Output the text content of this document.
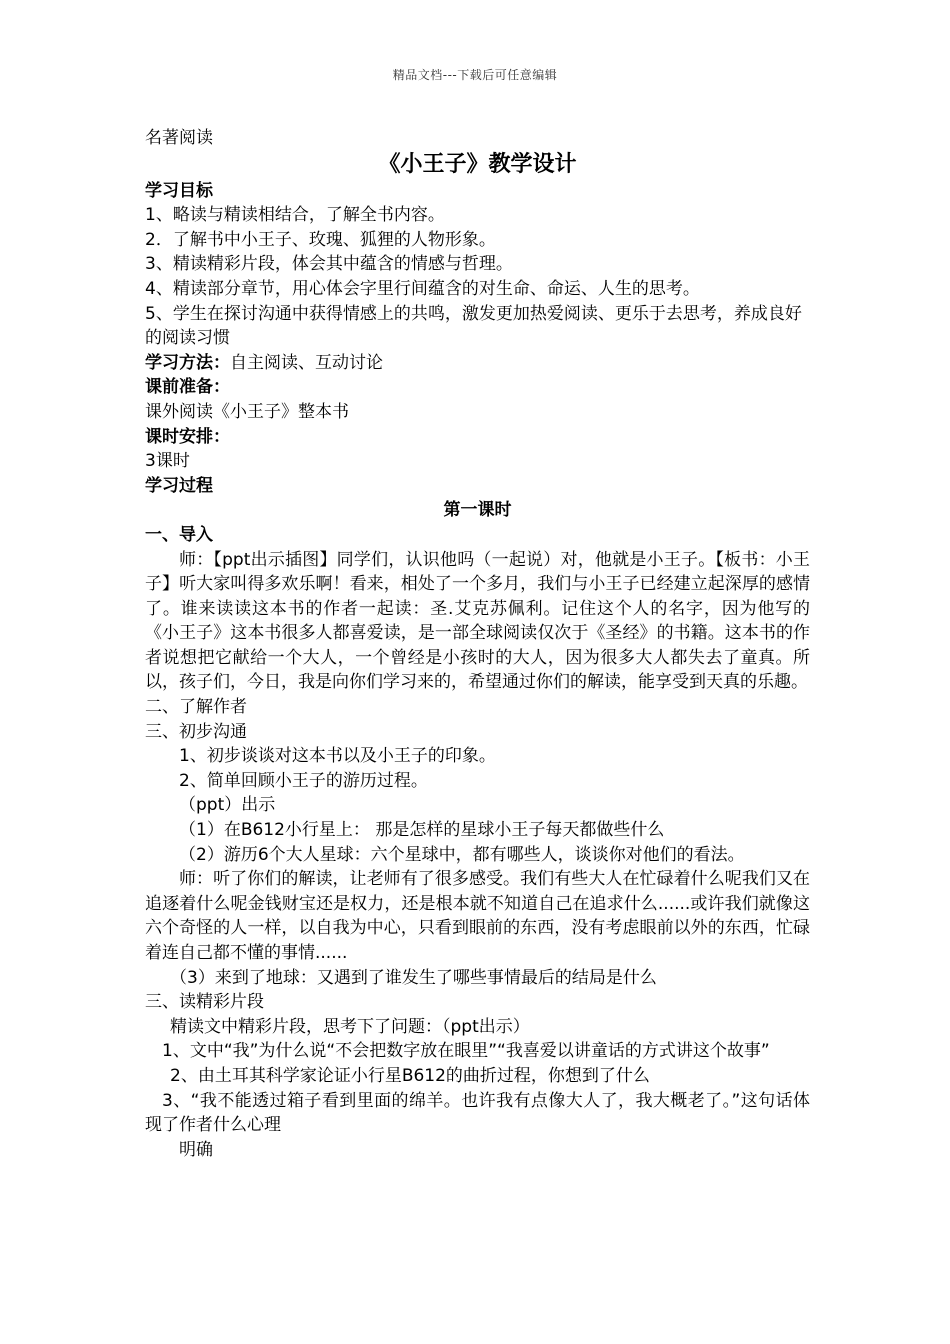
精品文档---下载后可任意编辑

名著阅读

《小王子》教学设计

学习目标

1、略读与精读相结合，了解全书内容。

2．了解书中小王子、玫瑰、狐狸的人物形象。

3、精读精彩片段，体会其中蕴含的情感与哲理。

4、精读部分章节，用心体会字里行间蕴含的对生命、命运、人生的思考。

5、学生在探讨沟通中获得情感上的共鸣，激发更加热爱阅读、更乐于去思考，养成良好的阅读习惯

学习方法：自主阅读、互动讨论

课前准备：

课外阅读《小王子》整本书

课时安排：

3课时

学习过程

第一课时

一、导入

师：【ppt出示插图】同学们，认识他吗（一起说）对，他就是小王子。【板书：小王子】听大家叫得多欢乐啊！看来，相处了一个多月，我们与小王子已经建立起深厚的感情了。谁来读读这本书的作者一起读：圣.艾克苏佩利。记住这个人的名字，因为他写的《小王子》这本书很多人都喜爱读，是一部全球阅读仅次于《圣经》的书籍。这本书的作者说想把它献给一个大人，一个曾经是小孩时的大人，因为很多大人都失去了童真。所以，孩子们，今日，我是向你们学习来的，希望通过你们的解读，能享受到天真的乐趣。

二、了解作者

三、初步沟通

1、初步谈谈对这本书以及小王子的印象。

2、简单回顾小王子的游历过程。

（ppt）出示

（1）在B612小行星上： 那是怎样的星球小王子每天都做些什么

（2）游历6个大人星球：六个星球中，都有哪些人，谈谈你对他们的看法。

师：听了你们的解读，让老师有了很多感受。我们有些大人在忙碌着什么呢我们又在追逐着什么呢金钱财宝还是权力，还是根本就不知道自己在追求什么......或许我们就像这六个奇怪的人一样，以自我为中心，只看到眼前的东西，没有考虑眼前以外的东西，忙碌着连自己都不懂的事情......

（3）来到了地球：又遇到了谁发生了哪些事情最后的结局是什么

三、读精彩片段

精读文中精彩片段，思考下了问题：（ppt出示）

1、文中“我”为什么说“不会把数字放在眼里”“我喜爱以讲童话的方式讲这个故事”

2、由土耳其科学家论证小行星B612的曲折过程，你想到了什么

3、“我不能透过箱子看到里面的绵羊。也许我有点像大人了，我大概老了。”这句话体现了作者什么心理

明确
